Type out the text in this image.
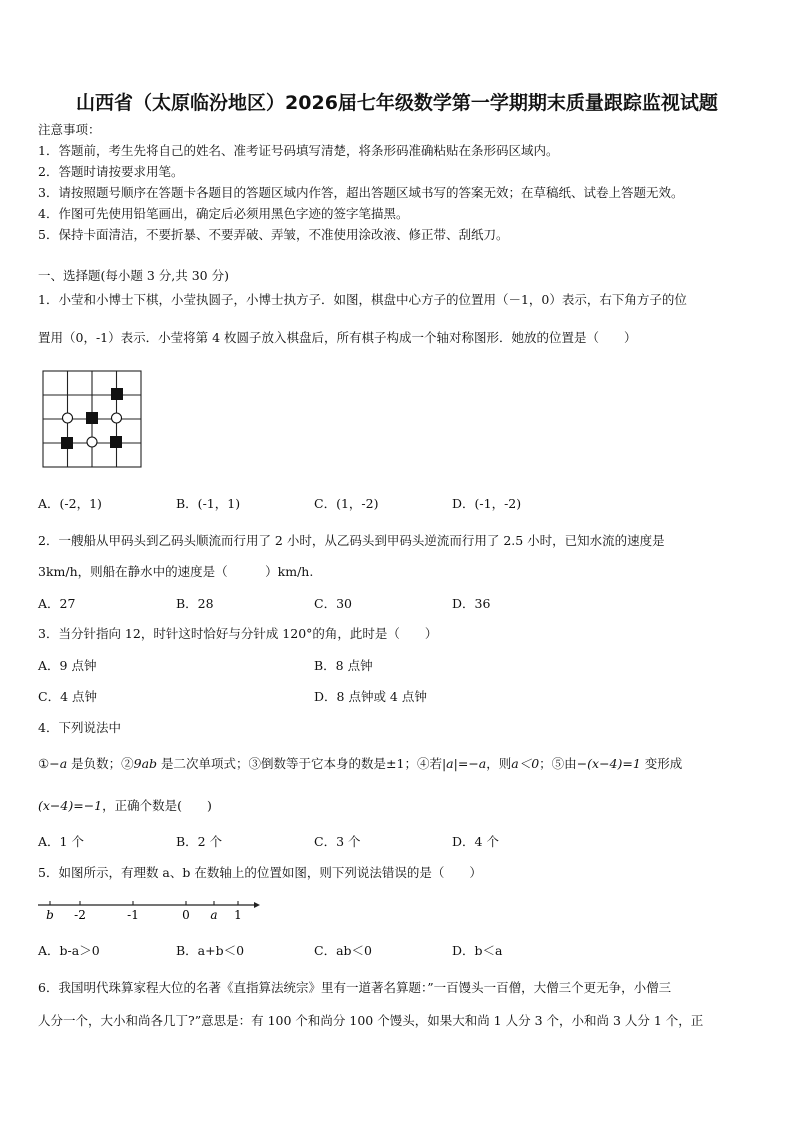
山西省（太原临汾地区）2026届七年级数学第一学期期末质量跟踪监视试题
注意事项：
1．答题前，考生先将自己的姓名、准考证号码填写清楚，将条形码准确粘贴在条形码区域内。
2．答题时请按要求用笔。
3．请按照题号顺序在答题卡各题目的答题区域内作答，超出答题区域书写的答案无效；在草稿纸、试卷上答题无效。
4．作图可先使用铅笔画出，确定后必须用黑色字迹的签字笔描黑。
5．保持卡面清洁，不要折暴、不要弄破、弄皱，不准使用涂改液、修正带、刮纸刀。
一、选择题(每小题 3 分,共 30 分)
1．小莹和小博士下棋，小莹执圆子，小博士执方子．如图，棋盘中心方子的位置用（－1，0）表示，右下角方子的位
置用（0，-1）表示．小莹将第 4 枚圆子放入棋盘后，所有棋子构成一个轴对称图形．她放的位置是（　　）
A．(-2，1)	B．(-1，1)	C．(1，-2)	D．(-1，-2)
2．一艘船从甲码头到乙码头顺流而行用了 2 小时，从乙码头到甲码头逆流而行用了 2.5 小时，已知水流的速度是
3km/h，则船在静水中的速度是（　　　）km/h.
A．27	B．28	C．30	D．36
3．当分针指向 12，时针这时恰好与分针成 120°的角，此时是（　　）
A．9 点钟	B．8 点钟
C．4 点钟	D．8 点钟或 4 点钟
4．下列说法中
①−a 是负数；②9ab 是二次单项式；③倒数等于它本身的数是±1；④若|a|=−a，则a＜0；⑤由−(x−4)=1 变形成
(x−4)=−1，正确个数是(　　)
A．1 个	B．2 个	C．3 个	D．4 个
5．如图所示，有理数 a、b 在数轴上的位置如图，则下列说法错误的是（　　）
b -2	-1	0 a 1
A．b-a＞0	B．a+b＜0	C．ab＜0	D．b＜a
6．我国明代珠算家程大位的名著《直指算法统宗》里有一道著名算题：”一百馒头一百僧，大僧三个更无争，小僧三
人分一个，大小和尚各几丁?”意思是：有 100 个和尚分 100 个馒头，如果大和尚 1 人分 3 个，小和尚 3 人分 1 个，正
